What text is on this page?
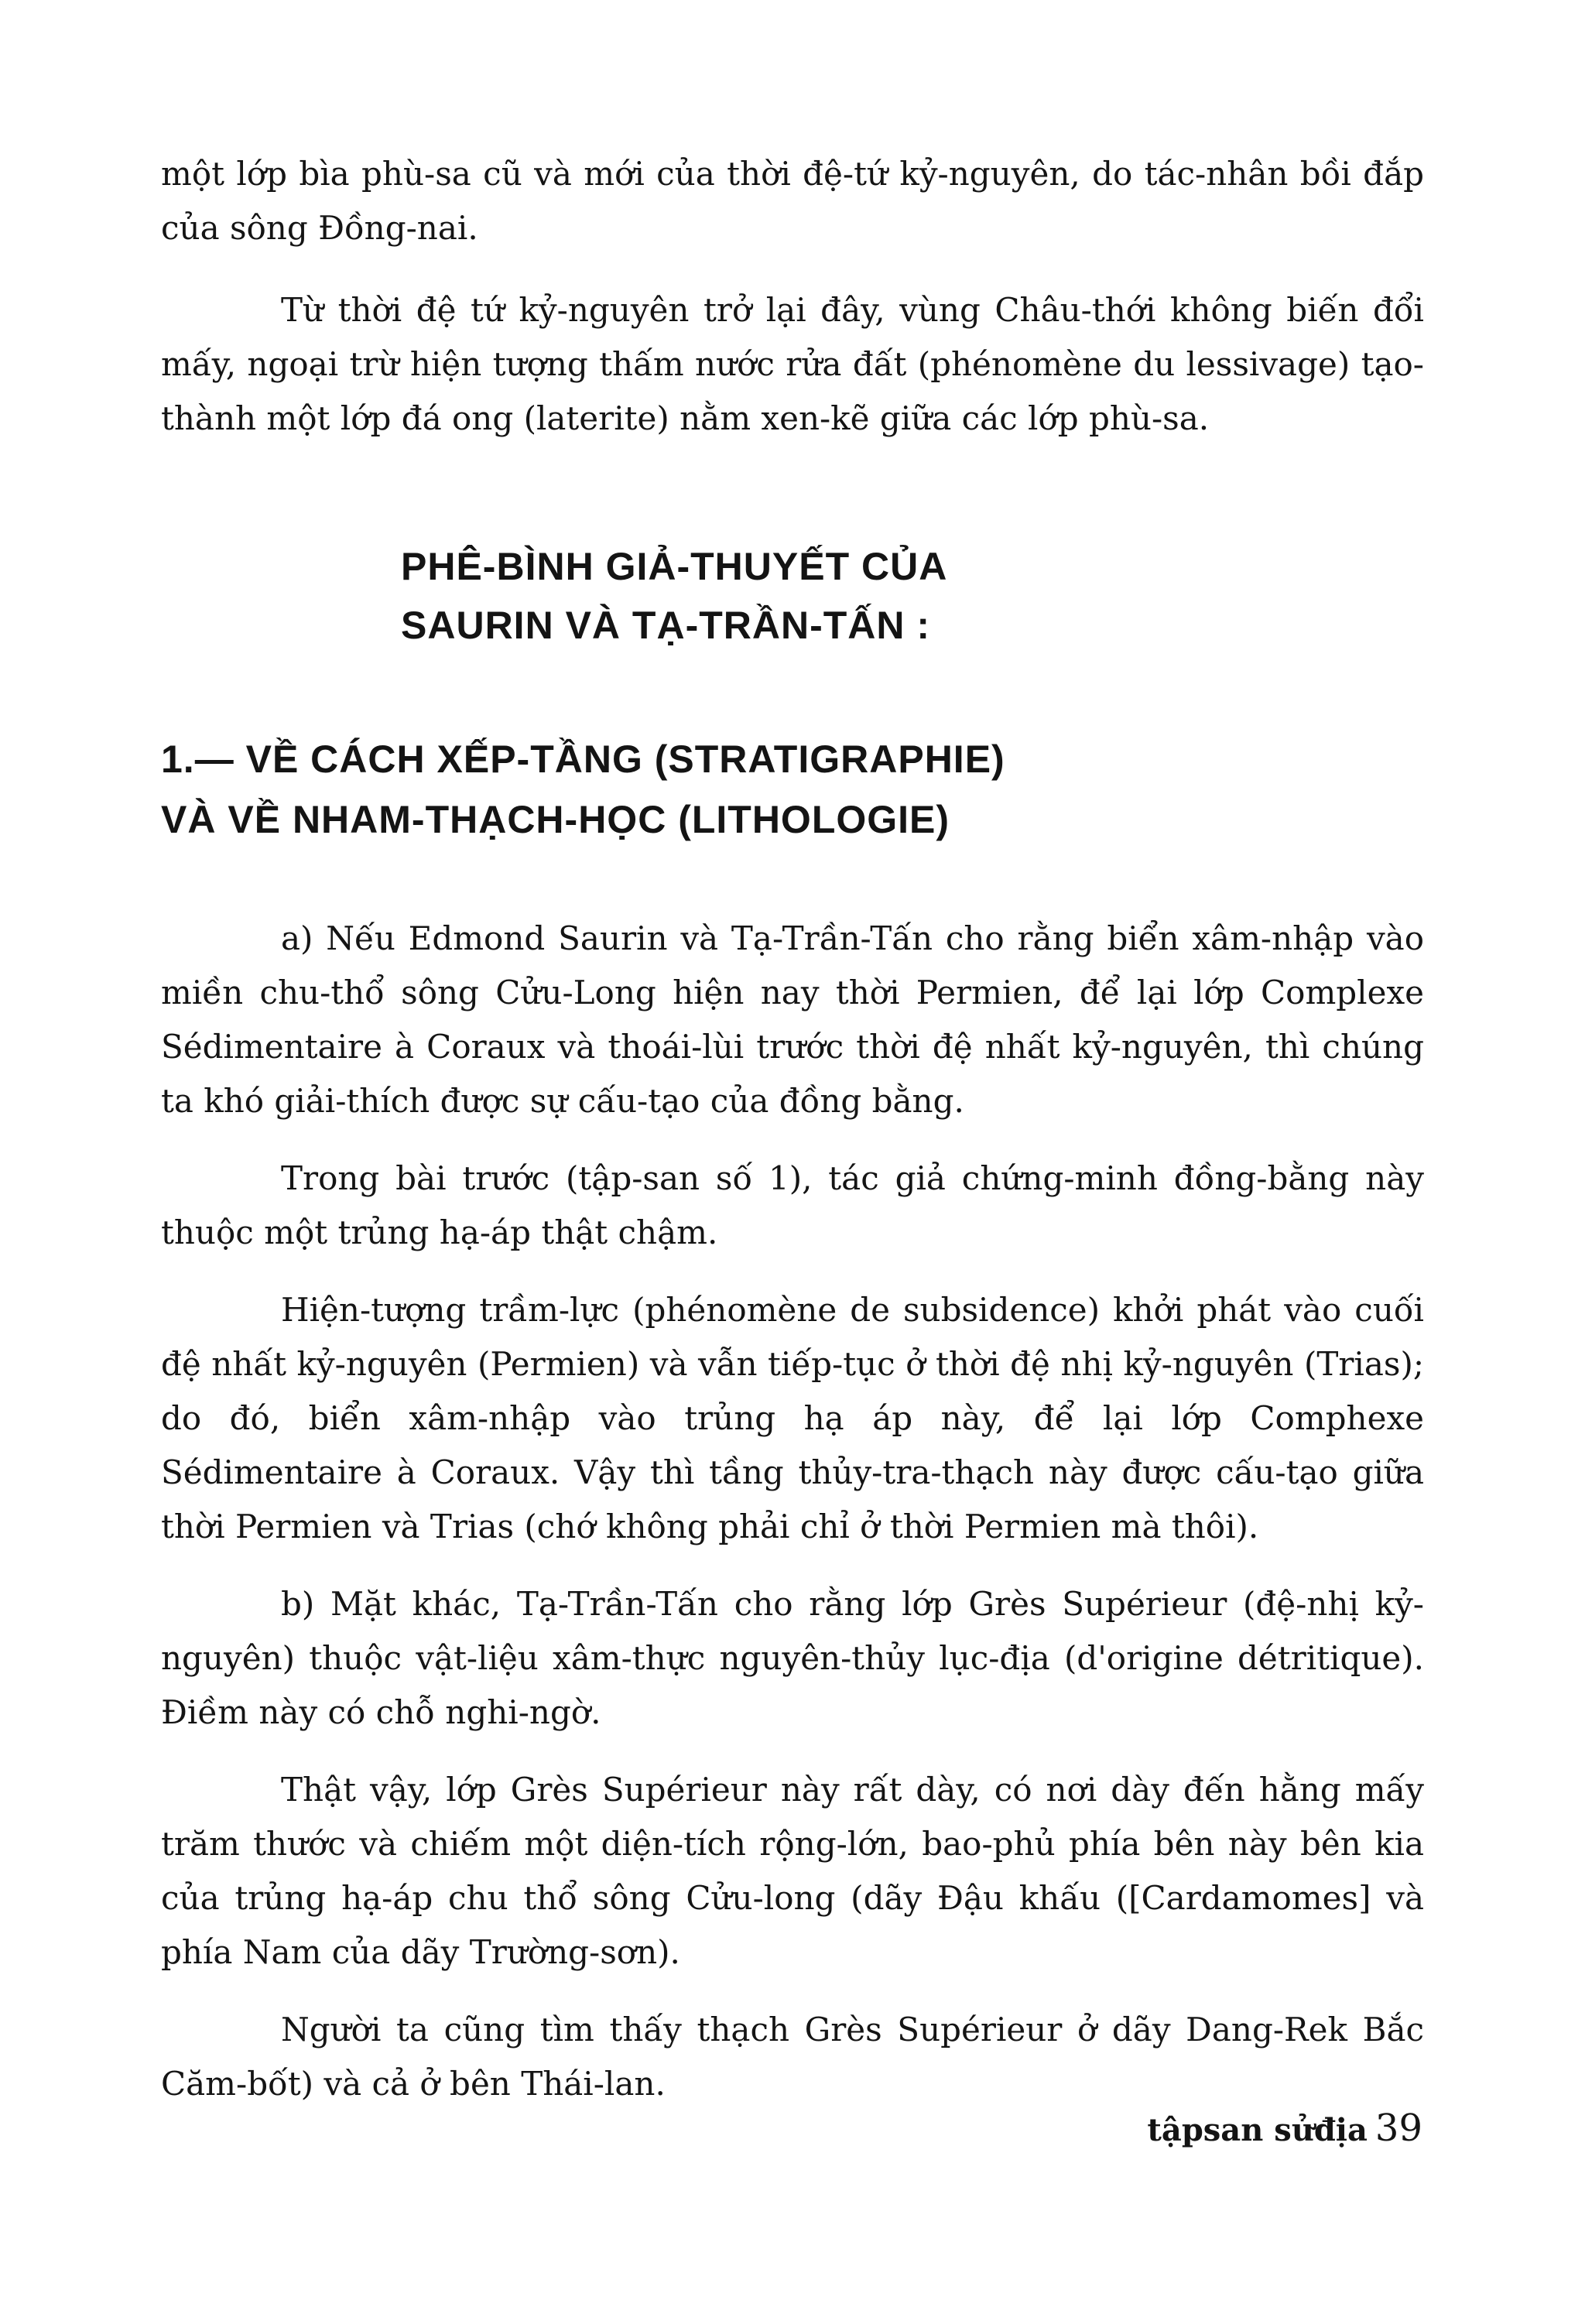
một lớp bìa phù-sa cũ và mới của thời đệ-tứ kỷ-nguyên, do tác-nhân bồi đắp của sông Đồng-nai.

Từ thời đệ tứ kỷ-nguyên trở lại đây, vùng Châu-thới không biến đổi mấy, ngoại trừ hiện tượng thấm nước rửa đất (phénomène du lessivage) tạo-thành một lớp đá ong (laterite) nằm xen-kẽ giữa các lớp phù-sa.

PHÊ-BÌNH GIẢ-THUYẾT CỦA
SAURIN VÀ TẠ-TRẦN-TẤN :
1.— VỀ CÁCH XẾP-TẦNG (STRATIGRAPHIE)
VÀ VỀ NHAM-THẠCH-HỌC (LITHOLOGIE)

a) Nếu Edmond Saurin và Tạ-Trần-Tấn cho rằng biển xâm-nhập vào miền chu-thổ sông Cửu-Long hiện nay thời Permien, để lại lớp Complexe Sédimentaire à Coraux và thoái-lùi trước thời đệ nhất kỷ-nguyên, thì chúng ta khó giải-thích được sự cấu-tạo của đồng bằng.

Trong bài trước (tập-san số 1), tác giả chứng-minh đồng-bằng này thuộc một trủng hạ-áp thật chậm.

Hiện-tượng trầm-lực (phénomène de subsidence) khởi phát vào cuối đệ nhất kỷ-nguyên (Permien) và vẫn tiếp-tục ở thời đệ nhị kỷ-nguyên (Trias); do đó, biển xâm-nhập vào trủng hạ áp này, để lại lớp Comphexe Sédimentaire à Coraux. Vậy thì tầng thủy-tra-thạch này được cấu-tạo giữa thời Permien và Trias (chớ không phải chỉ ở thời Permien mà thôi).

b) Mặt khác, Tạ-Trần-Tấn cho rằng lớp Grès Supérieur (đệ-nhị kỷ-nguyên) thuộc vật-liệu xâm-thực nguyên-thủy lục-địa (d'origine détritique). Điềm này có chỗ nghi-ngờ.

Thật vậy, lớp Grès Supérieur này rất dày, có nơi dày đến hằng mấy trăm thước và chiếm một diện-tích rộng-lớn, bao-phủ phía bên này bên kia của trủng hạ-áp chu thổ sông Cửu-long (dãy Đậu khấu ([Cardamomes] và phía Nam của dãy Trường-sơn).

Người ta cũng tìm thấy thạch Grès Supérieur ở dãy Dang-Rek Bắc Căm-bốt) và cả ở bên Thái-lan.

tậpsan sửđịa 39
